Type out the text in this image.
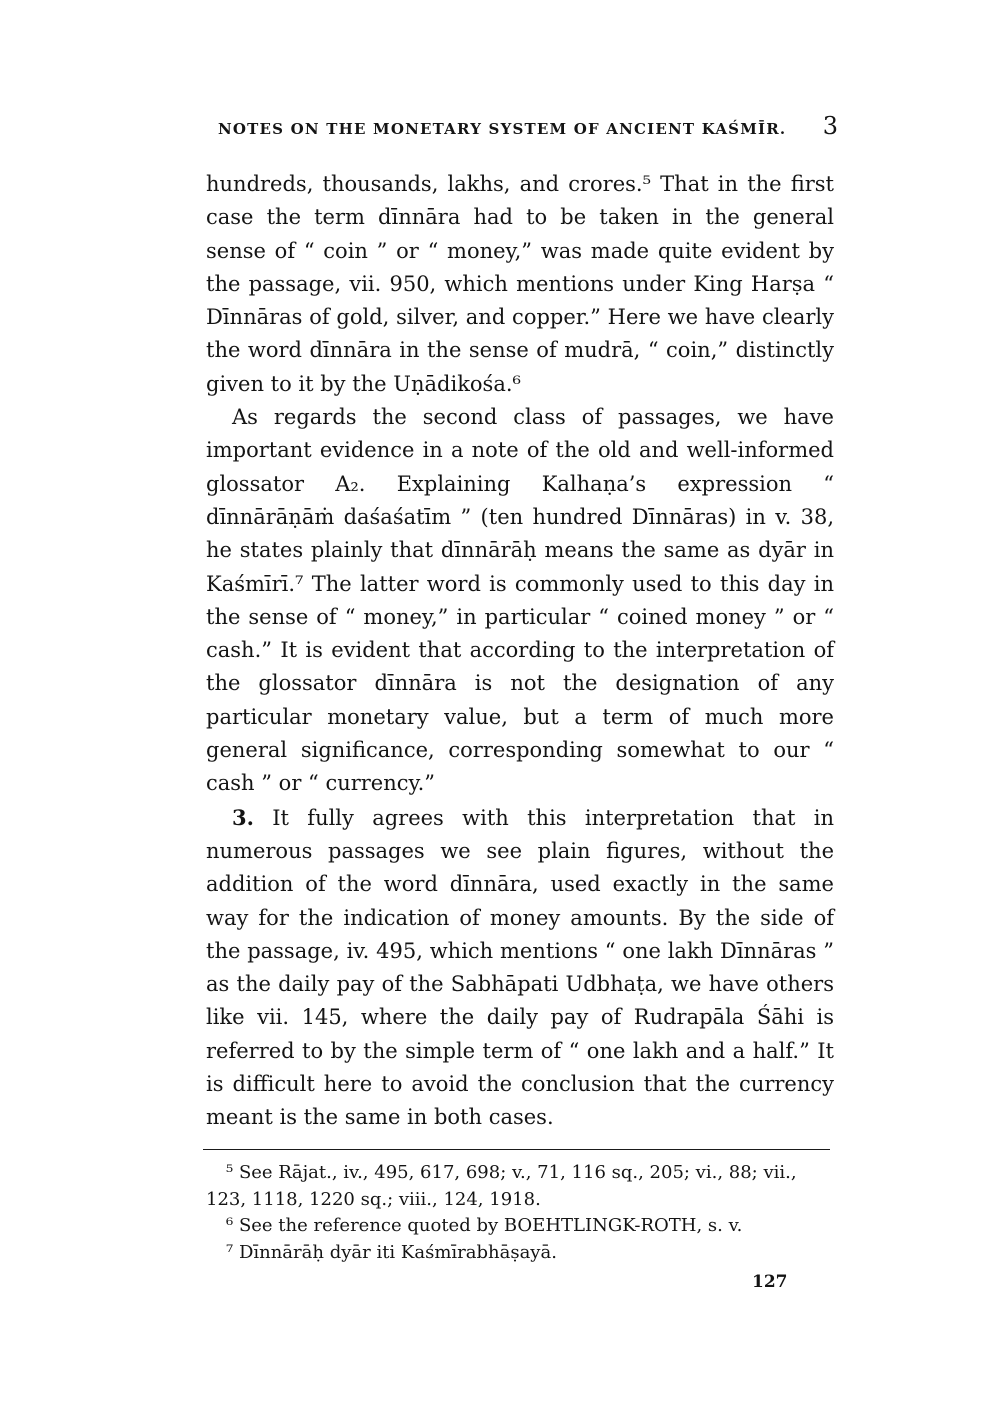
NOTES ON THE MONETARY SYSTEM OF ANCIENT KAŚMĪR. 3

hundreds, thousands, lakhs, and crores.⁵ That in the first case the term dīnnāra had to be taken in the general sense of “ coin ” or “ money,” was made quite evident by the passage, vii. 950, which mentions under King Harṣa “ Dīnnāras of gold, silver, and copper.” Here we have clearly the word dīnnāra in the sense of mudrā, “ coin,” distinctly given to it by the Uṇādikośa.⁶

As regards the second class of passages, we have important evidence in a note of the old and well-informed glossator A₂. Explaining Kalhaṇa’s expression “ dīnnārāṇāṁ daśaśatīm ” (ten hundred Dīnnāras) in v. 38, he states plainly that dīnnārāḥ means the same as dyār in Kaśmīrī.⁷ The latter word is commonly used to this day in the sense of “ money,” in particular “ coined money ” or “ cash.” It is evident that according to the interpretation of the glossator dīnnāra is not the designation of any particular monetary value, but a term of much more general significance, corresponding somewhat to our “ cash ” or “ currency.”

3. It fully agrees with this interpretation that in numerous passages we see plain figures, without the addition of the word dīnnāra, used exactly in the same way for the indication of money amounts. By the side of the passage, iv. 495, which mentions “ one lakh Dīnnāras ” as the daily pay of the Sabhāpati Udbhaṭa, we have others like vii. 145, where the daily pay of Rudrapāla Śāhi is referred to by the simple term of “ one lakh and a half.” It is difficult here to avoid the conclusion that the currency meant is the same in both cases.

⁵ See Rājat., iv., 495, 617, 698; v., 71, 116 sq., 205; vi., 88; vii., 123, 1118, 1220 sq.; viii., 124, 1918.

⁶ See the reference quoted by BOEHTLINGK-ROTH, s. v.

⁷ Dīnnārāḥ dyār iti Kaśmīrabhāṣayā.

127
